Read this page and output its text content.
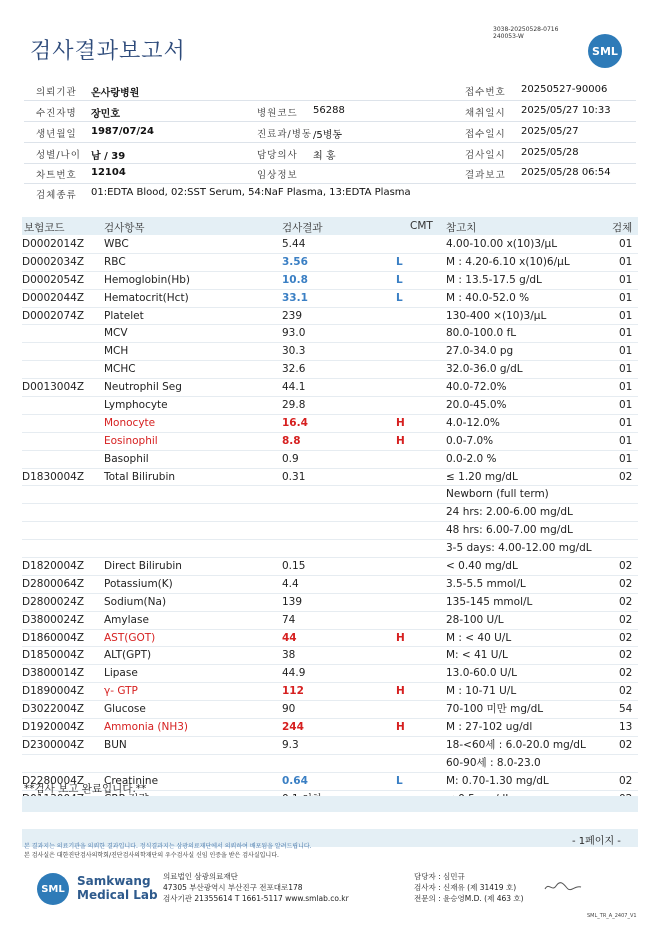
검사결과보고서
3038-20250528-0716
240053-W
SML
의뢰기관 온사랑병원	접수번호 20250527-90006
수진자명 장민호	병원코드 56288	채취일시 2025/05/27 10:33
생년월일 1987/07/24	진료과/병동 /5병동	접수일시 2025/05/27
성별/나이 남 / 39	담당의사 최 홍	검사일시 2025/05/28
차트번호 12104	임상정보	결과보고 2025/05/28 06:54
검체종류 01:EDTA Blood, 02:SST Serum, 54:NaF Plasma, 13:EDTA Plasma
보험코드	검사항목	검사결과	CMT 참고치	검체
D0002014Z WBC	5.44	4.00-10.00 x(10)3/μL	01
D0002034Z RBC	3.56	L	M : 4.20-6.10 x(10)6/μL	01
D0002054Z Hemoglobin(Hb)	10.8	L	M : 13.5-17.5 g/dL	01
D0002044Z Hematocrit(Hct)	33.1	L	M : 40.0-52.0 %	01
D0002074Z Platelet	239	130-400 ×(10)3/μL	01
MCV	93.0	80.0-100.0 fL	01
MCH	30.3	27.0-34.0 pg	01
MCHC	32.6	32.0-36.0 g/dL	01
D0013004Z Neutrophil Seg	44.1	40.0-72.0%	01
Lymphocyte	29.8	20.0-45.0%	01
Monocyte	16.4	H	4.0-12.0%	01
Eosinophil	8.8	H	0.0-7.0%	01
Basophil	0.9	0.0-2.0 %	01
D1830004Z Total Bilirubin	0.31	≤ 1.20 mg/dL	02
Newborn (full term)
24 hrs: 2.00-6.00 mg/dL
48 hrs: 6.00-7.00 mg/dL
3-5 days: 4.00-12.00 mg/dL
D1820004Z Direct Bilirubin	0.15	< 0.40 mg/dL	02
D2800064Z Potassium(K)	4.4	3.5-5.5 mmol/L	02
D2800024Z Sodium(Na)	139	135-145 mmol/L	02
D3800024Z Amylase	74	28-100 U/L	02
D1860004Z AST(GOT)	44	H	M : < 40 U/L	02
D1850004Z ALT(GPT)	38	M: < 41 U/L	02
D3800014Z Lipase	44.9	13.0-60.0 U/L	02
D1890004Z γ- GTP	112	H	M : 10-71 U/L	02
D3022004Z Glucose	90	70-100 미만 mg/dL	54
D1920004Z Ammonia (NH3)	244	H	M : 27-102 ug/dl	13
D2300004Z BUN	9.3	18-<60세 : 6.0-20.0 mg/dL	02
60-90세 : 8.0-23.0
D2280004Z Creatinine	0.64	L	M: 0.70-1.30 mg/dL	02
**검사 보고 완료입니다.**
- 1페이지 -
본 결과지는 의료기관을 의뢰한 결과입니다. 정식결과지는 삼광의료재단에서 의뢰하여 배포됨을 알려드립니다.
본 검사실은 대한진단검사의학회/진단검사의학재단의 우수검사실 신임 인증을 받은 검사실입니다.
SML
Samkwang
Medical Lab
의료법인 삼광의료재단
47305 부산광역시 부산진구 전포대로178
검사기관 21355614 T 1661-5117 www.smlab.co.kr
담당자 : 심민규
검사자 : 신재유 (제 31419 호)
전문의 : 윤승영M.D. (제 463 호)
SML_TR_A_2407_V1
